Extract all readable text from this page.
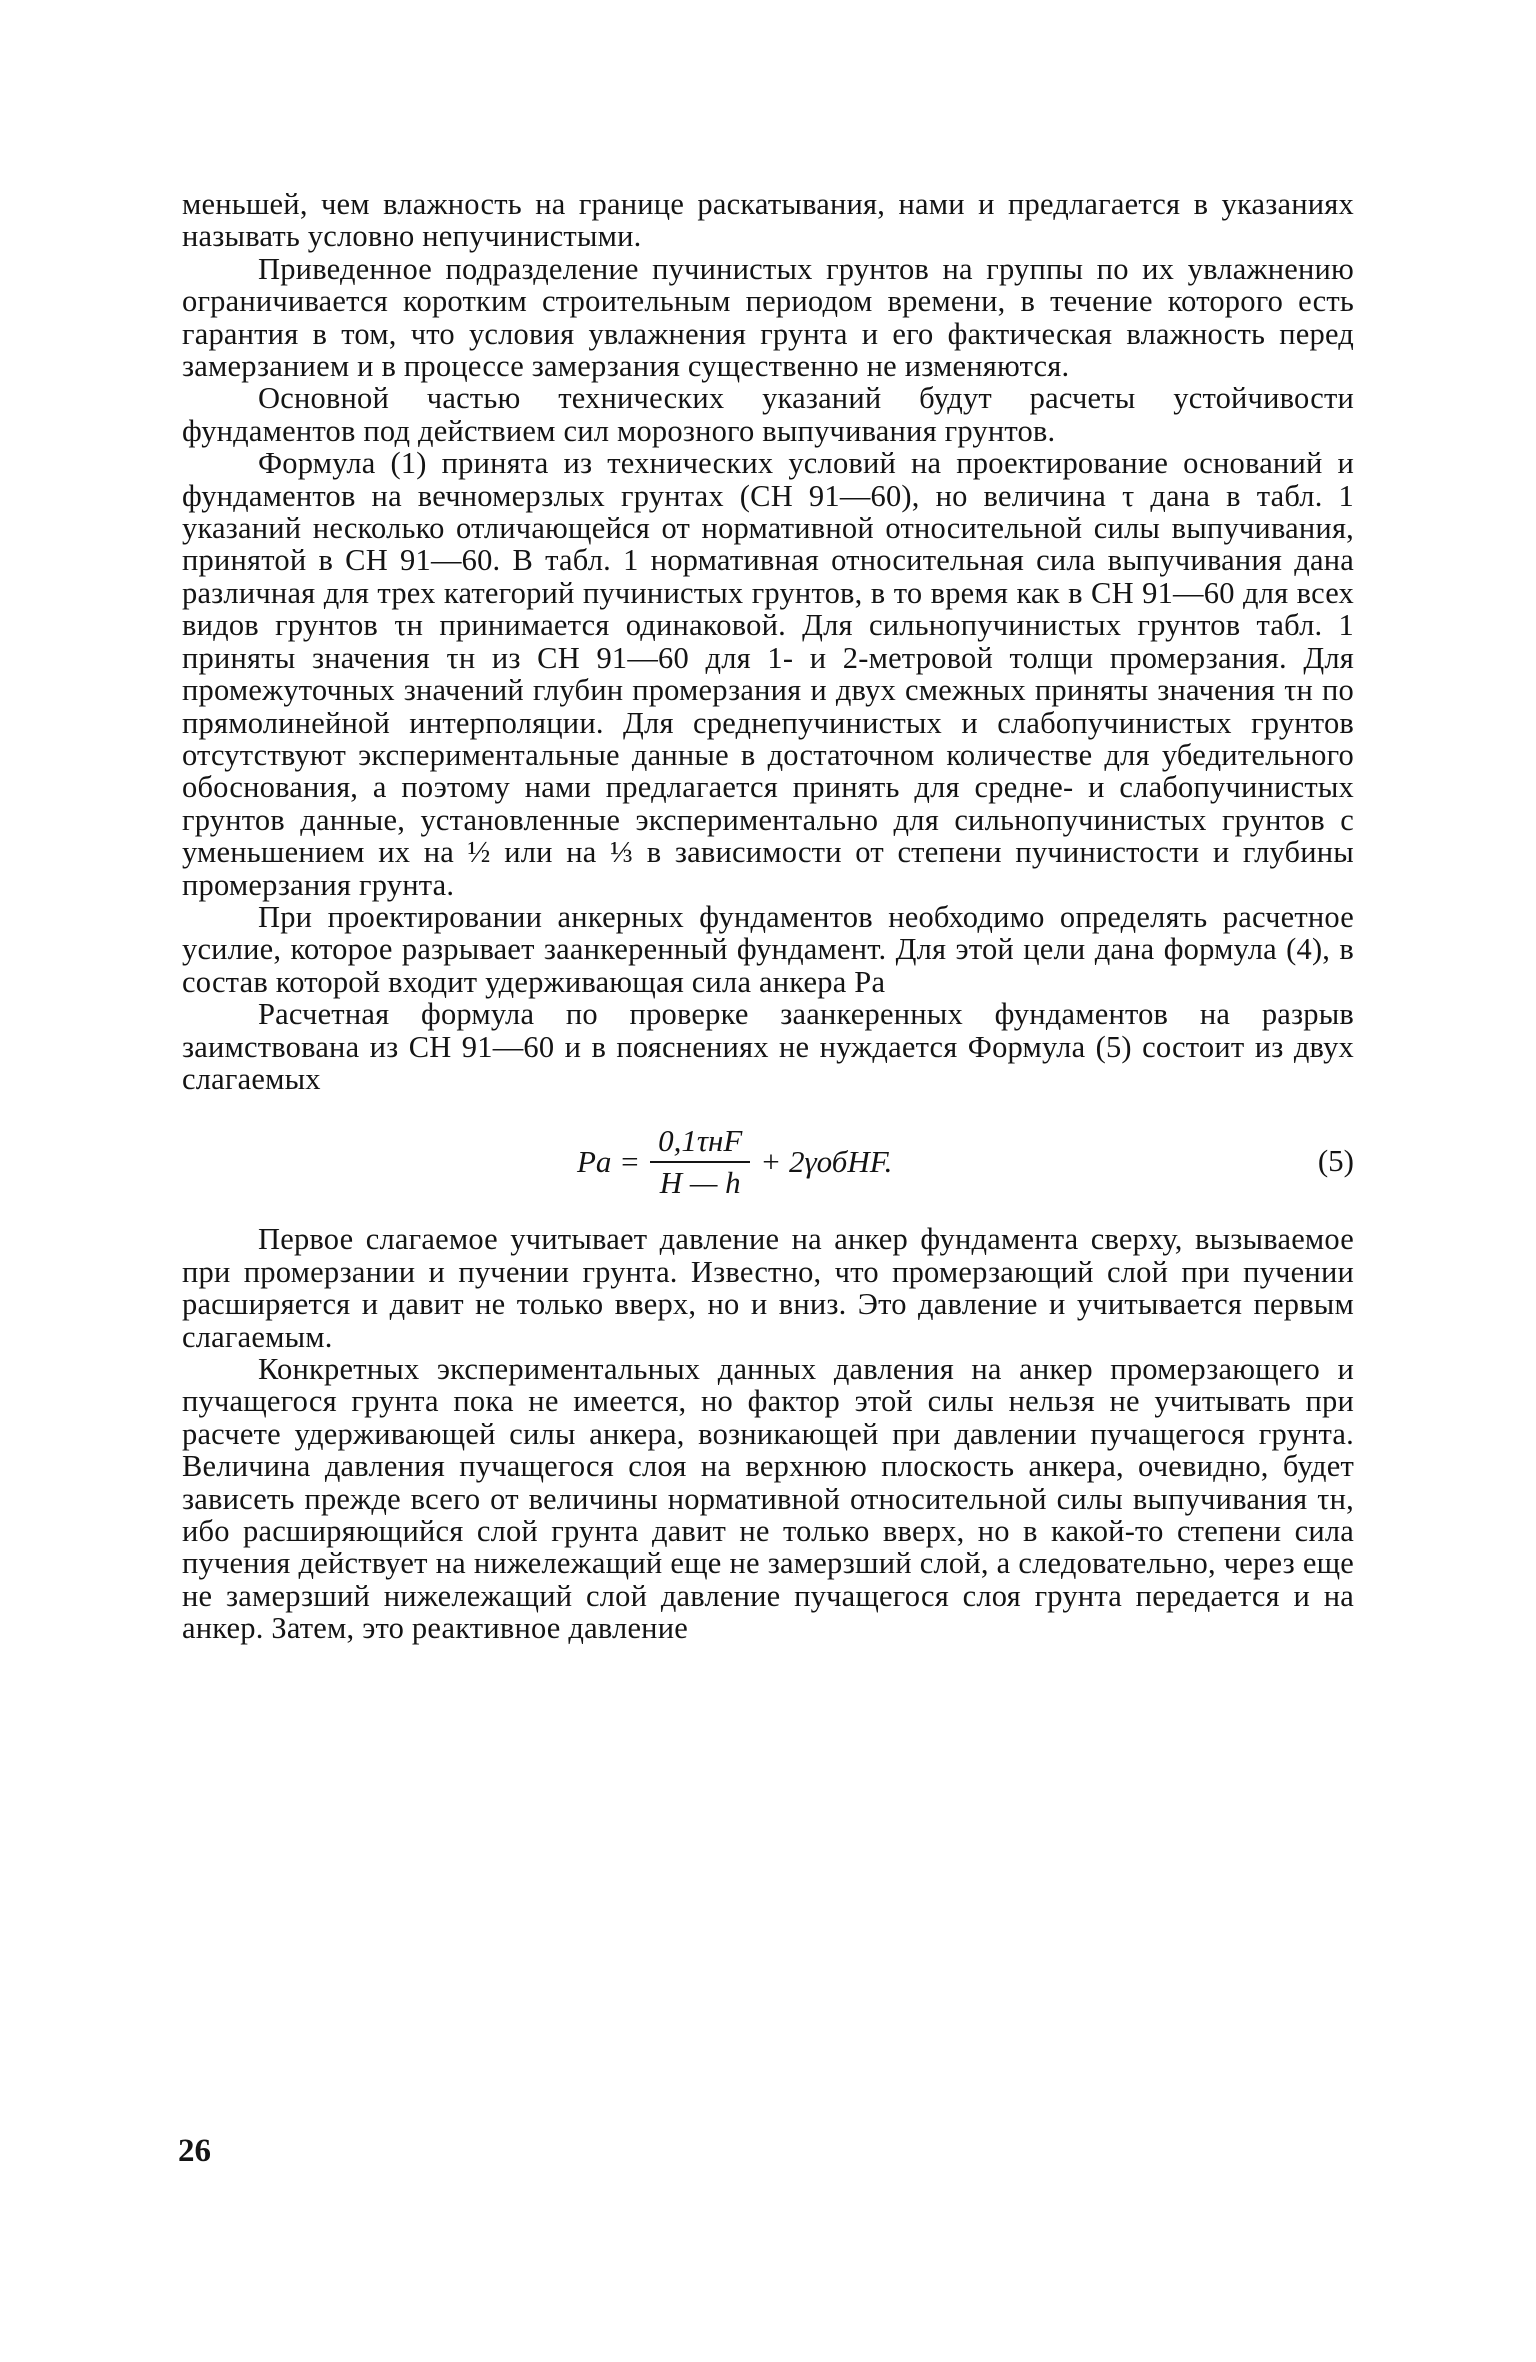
меньшей, чем влажность на границе раскатывания, нами и предлагается в указаниях называть условно непучинистыми.

Приведенное подразделение пучинистых грунтов на группы по их увлажнению ограничивается коротким строительным периодом времени, в течение которого есть гарантия в том, что условия увлажнения грунта и его фактическая влажность перед замерзанием и в процессе замерзания существенно не изменяются.

Основной частью технических указаний будут расчеты устойчивости фундаментов под действием сил морозного выпучивания грунтов.

Формула (1) принята из технических условий на проектирование оснований и фундаментов на вечномерзлых грунтах (СН 91—60), но величина τ дана в табл. 1 указаний несколько отличающейся от нормативной относительной силы выпучивания, принятой в СН 91—60. В табл. 1 нормативная относительная сила выпучивания дана различная для трех категорий пучинистых грунтов, в то время как в СН 91—60 для всех видов грунтов τн принимается одинаковой. Для сильнопучинистых грунтов табл. 1 приняты значения τн из СН 91—60 для 1- и 2-метровой толщи промерзания. Для промежуточных значений глубин промерзания и двух смежных приняты значения τн по прямолинейной интерполяции. Для среднепучинистых и слабопучинистых грунтов отсутствуют экспериментальные данные в достаточном количестве для убедительного обоснования, а поэтому нами предлагается принять для средне- и слабопучинистых грунтов данные, установленные экспериментально для сильнопучинистых грунтов с уменьшением их на ½ или на ⅓ в зависимости от степени пучинистости и глубины промерзания грунта.

При проектировании анкерных фундаментов необходимо определять расчетное усилие, которое разрывает заанкеренный фундамент. Для этой цели дана формула (4), в состав которой входит удерживающая сила анкера Pа

Расчетная формула по проверке заанкеренных фундаментов на разрыв заимствована из СН 91—60 и в пояснениях не нуждается Формула (5) состоит из двух слагаемых

Pа = $\frac{\text{0,1τнF}}{H — h}$ + 2γобHF.	(5)

Первое слагаемое учитывает давление на анкер фундамента сверху, вызываемое при промерзании и пучении грунта. Известно, что промерзающий слой при пучении расширяется и давит не только вверх, но и вниз. Это давление и учитывается первым слагаемым.

Конкретных экспериментальных данных давления на анкер промерзающего и пучащегося грунта пока не имеется, но фактор этой силы нельзя не учитывать при расчете удерживающей силы анкера, возникающей при давлении пучащегося грунта. Величина давления пучащегося слоя на верхнюю плоскость анкера, очевидно, будет зависеть прежде всего от величины нормативной относительной силы выпучивания τн, ибо расширяющийся слой грунта давит не только вверх, но в какой-то степени сила пучения действует на нижележащий еще не замерзший слой, а следовательно, через еще не замерзший нижележащий слой давление пучащегося слоя грунта передается и на анкер. Затем, это реактивное давление

26
